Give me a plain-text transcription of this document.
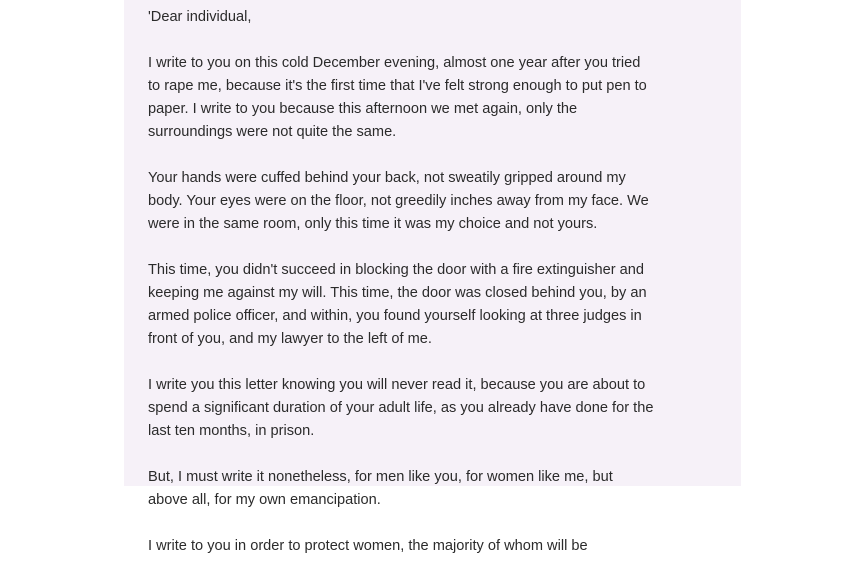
'Dear individual,

I write to you on this cold December evening, almost one year after you tried
to rape me, because it's the first time that I've felt strong enough to put pen to
paper. I write to you because this afternoon we met again, only the
surroundings were not quite the same.

Your hands were cuffed behind your back, not sweatily gripped around my
body. Your eyes were on the floor, not greedily inches away from my face. We
were in the same room, only this time it was my choice and not yours.

This time, you didn't succeed in blocking the door with a fire extinguisher and
keeping me against my will. This time, the door was closed behind you, by an
armed police officer, and within, you found yourself looking at three judges in
front of you, and my lawyer to the left of me.

I write you this letter knowing you will never read it, because you are about to
spend a significant duration of your adult life, as you already have done for the
last ten months, in prison.

But, I must write it nonetheless, for men like you, for women like me, but
above all, for my own emancipation.

I write to you in order to protect women, the majority of whom will be
